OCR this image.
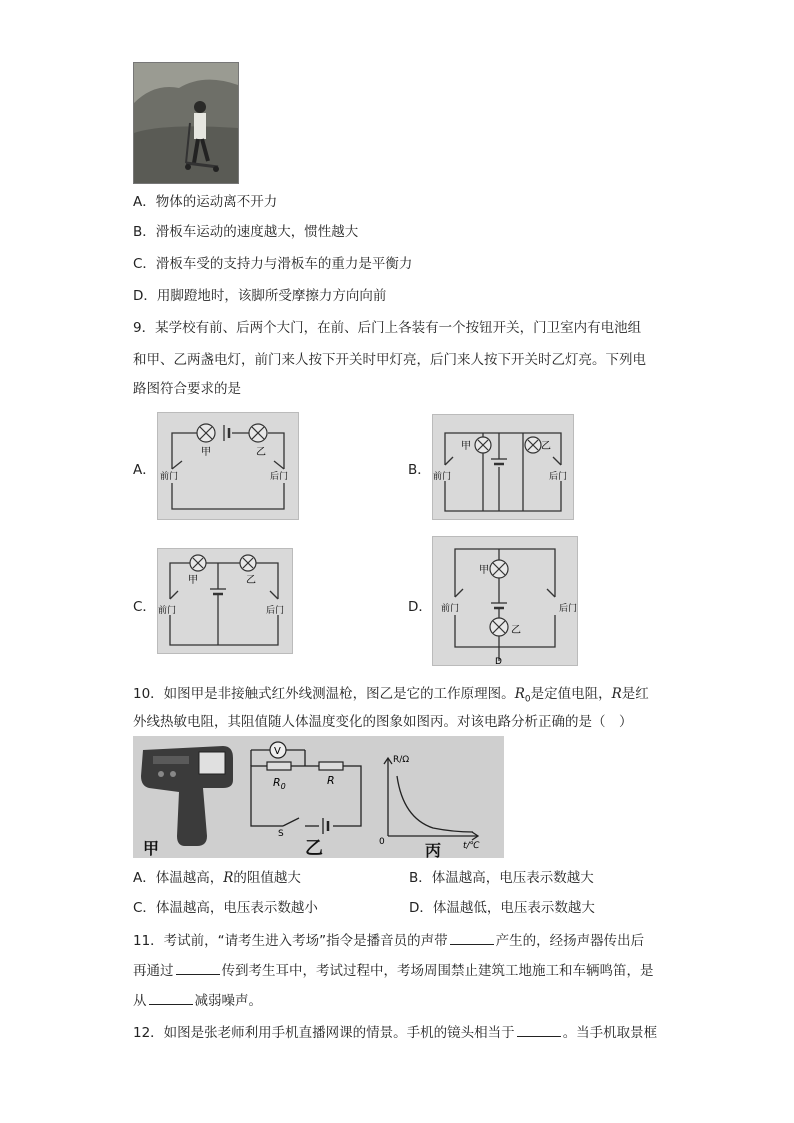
A．物体的运动离不开力
B．滑板车运动的速度越大，惯性越大
C．滑板车受的支持力与滑板车的重力是平衡力
D．用脚蹬地时，该脚所受摩擦力方向向前
9．某学校有前、后两个大门，在前、后门上各装有一个按钮开关，门卫室内有电池组
和甲、乙两盏电灯，前门来人按下开关时甲灯亮，后门来人按下开关时乙灯亮。下列电
路图符合要求的是
A．	B．
C．	D．
甲	乙
前门	后门
甲	乙
前门	后门
甲	乙
前门	后门
甲
乙
前门	后门
D
10．如图甲是非接触式红外线测温枪，图乙是它的工作原理图。$R_0$是定值电阻，R是红
外线热敏电阻，其阻值随人体温度变化的图象如图丙。对该电路分析正确的是（　）
甲
V
$R_0$	R
S
乙
R/Ω
t/℃
0	丙
A．体温越高，R的阻值越大	B．体温越高，电压表示数越大
C．体温越高，电压表示数越小	D．体温越低，电压表示数越大
11．考试前，“请考生进入考场”指令是播音员的声带	产生的，经扬声器传出后
再通过	传到考生耳中，考试过程中，考场周围禁止建筑工地施工和车辆鸣笛，是
从	减弱噪声。
12．如图是张老师利用手机直播网课的情景。手机的镜头相当于	。当手机取景框
